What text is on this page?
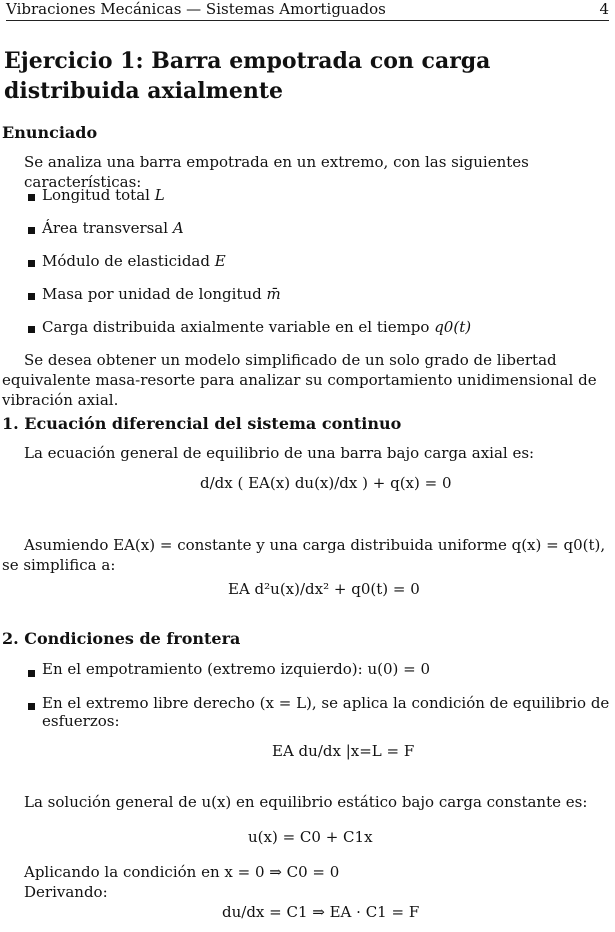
Vibraciones Mecánicas — Sistemas Amortiguados	4
Ejercicio 1: Barra empotrada con carga distribuida axialmente
Enunciado
Se analiza una barra empotrada en un extremo, con las siguientes características:
Longitud total L
Área transversal A
Módulo de elasticidad E
Masa por unidad de longitud m̄
Carga distribuida axialmente variable en el tiempo q0(t)
Se desea obtener un modelo simplificado de un solo grado de libertad equivalente masa-resorte para analizar su comportamiento unidimensional de vibración axial.
1. Ecuación diferencial del sistema continuo
La ecuación general de equilibrio de una barra bajo carga axial es:
d/dx ( EA(x) du(x)/dx ) + q(x) = 0
Asumiendo EA(x) = constante y una carga distribuida uniforme q(x) = q0(t), se simplifica a:
EA d²u(x)/dx² + q0(t) = 0
2. Condiciones de frontera
En el empotramiento (extremo izquierdo): u(0) = 0
En el extremo libre derecho (x = L), se aplica la condición de equilibrio de esfuerzos:
EA du/dx |x=L = F
La solución general de u(x) en equilibrio estático bajo carga constante es:
u(x) = C0 + C1x
Aplicando la condición en x = 0 ⇒ C0 = 0
Derivando:
du/dx = C1 ⇒ EA · C1 = F
